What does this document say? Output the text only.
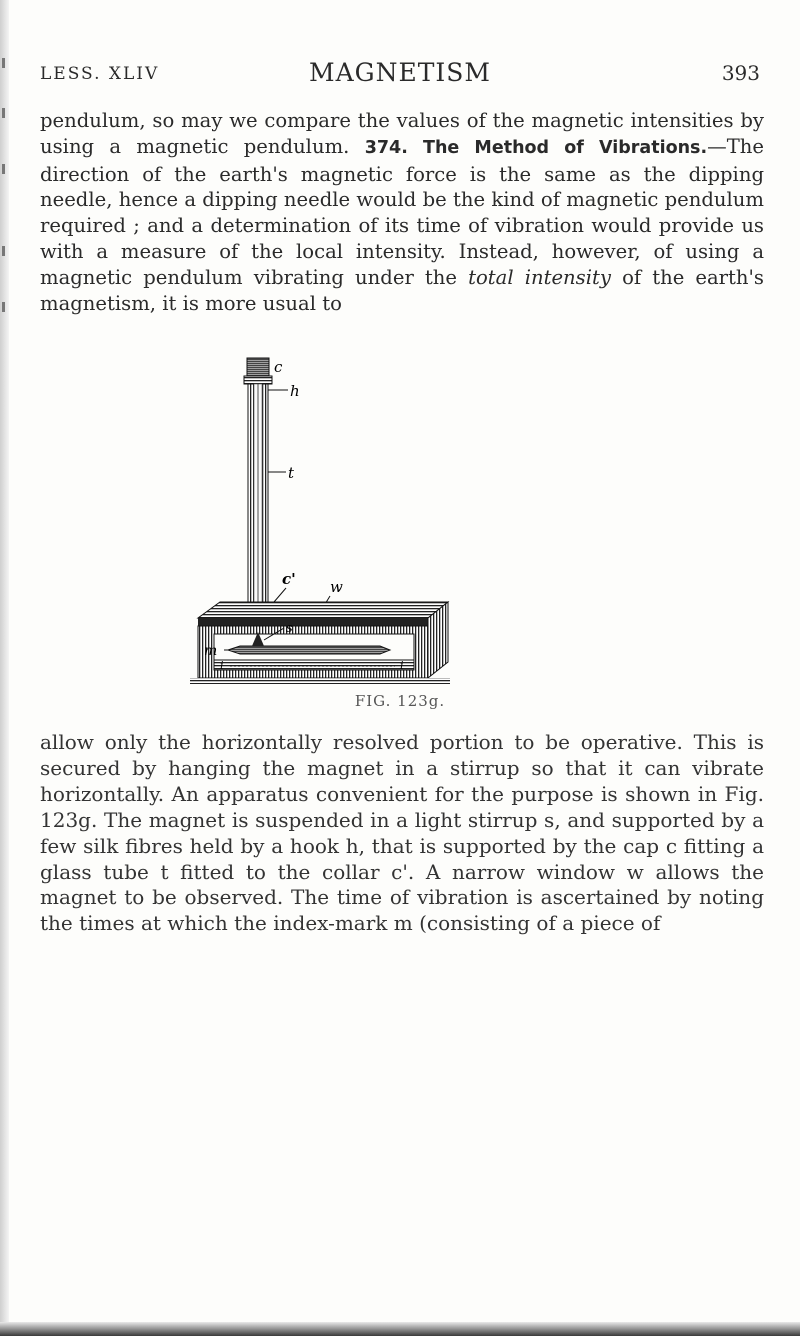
LESS. XLIV	MAGNETISM	393

pendulum, so may we compare the values of the magnetic intensities by using a magnetic pendulum. 374. The Method of Vibrations.—The direction of the earth's magnetic force is the same as the dipping needle, hence a dipping needle would be the kind of magnetic pendulum required ; and a determination of its time of vibration would provide us with a measure of the local intensity. Instead, however, of using a magnetic pendulum vibrating under the total intensity of the earth's magnetism, it is more usual to

c
h
t
c' w
s
m
i	i
FIG. 123g.

allow only the horizontally resolved portion to be operative. This is secured by hanging the magnet in a stirrup so that it can vibrate horizontally. An apparatus convenient for the purpose is shown in Fig. 123g. The magnet is suspended in a light stirrup s, and supported by a few silk fibres held by a hook h, that is supported by the cap c fitting a glass tube t fitted to the collar c'. A narrow window w allows the magnet to be observed. The time of vibration is ascertained by noting the times at which the index-mark m (consisting of a piece of
